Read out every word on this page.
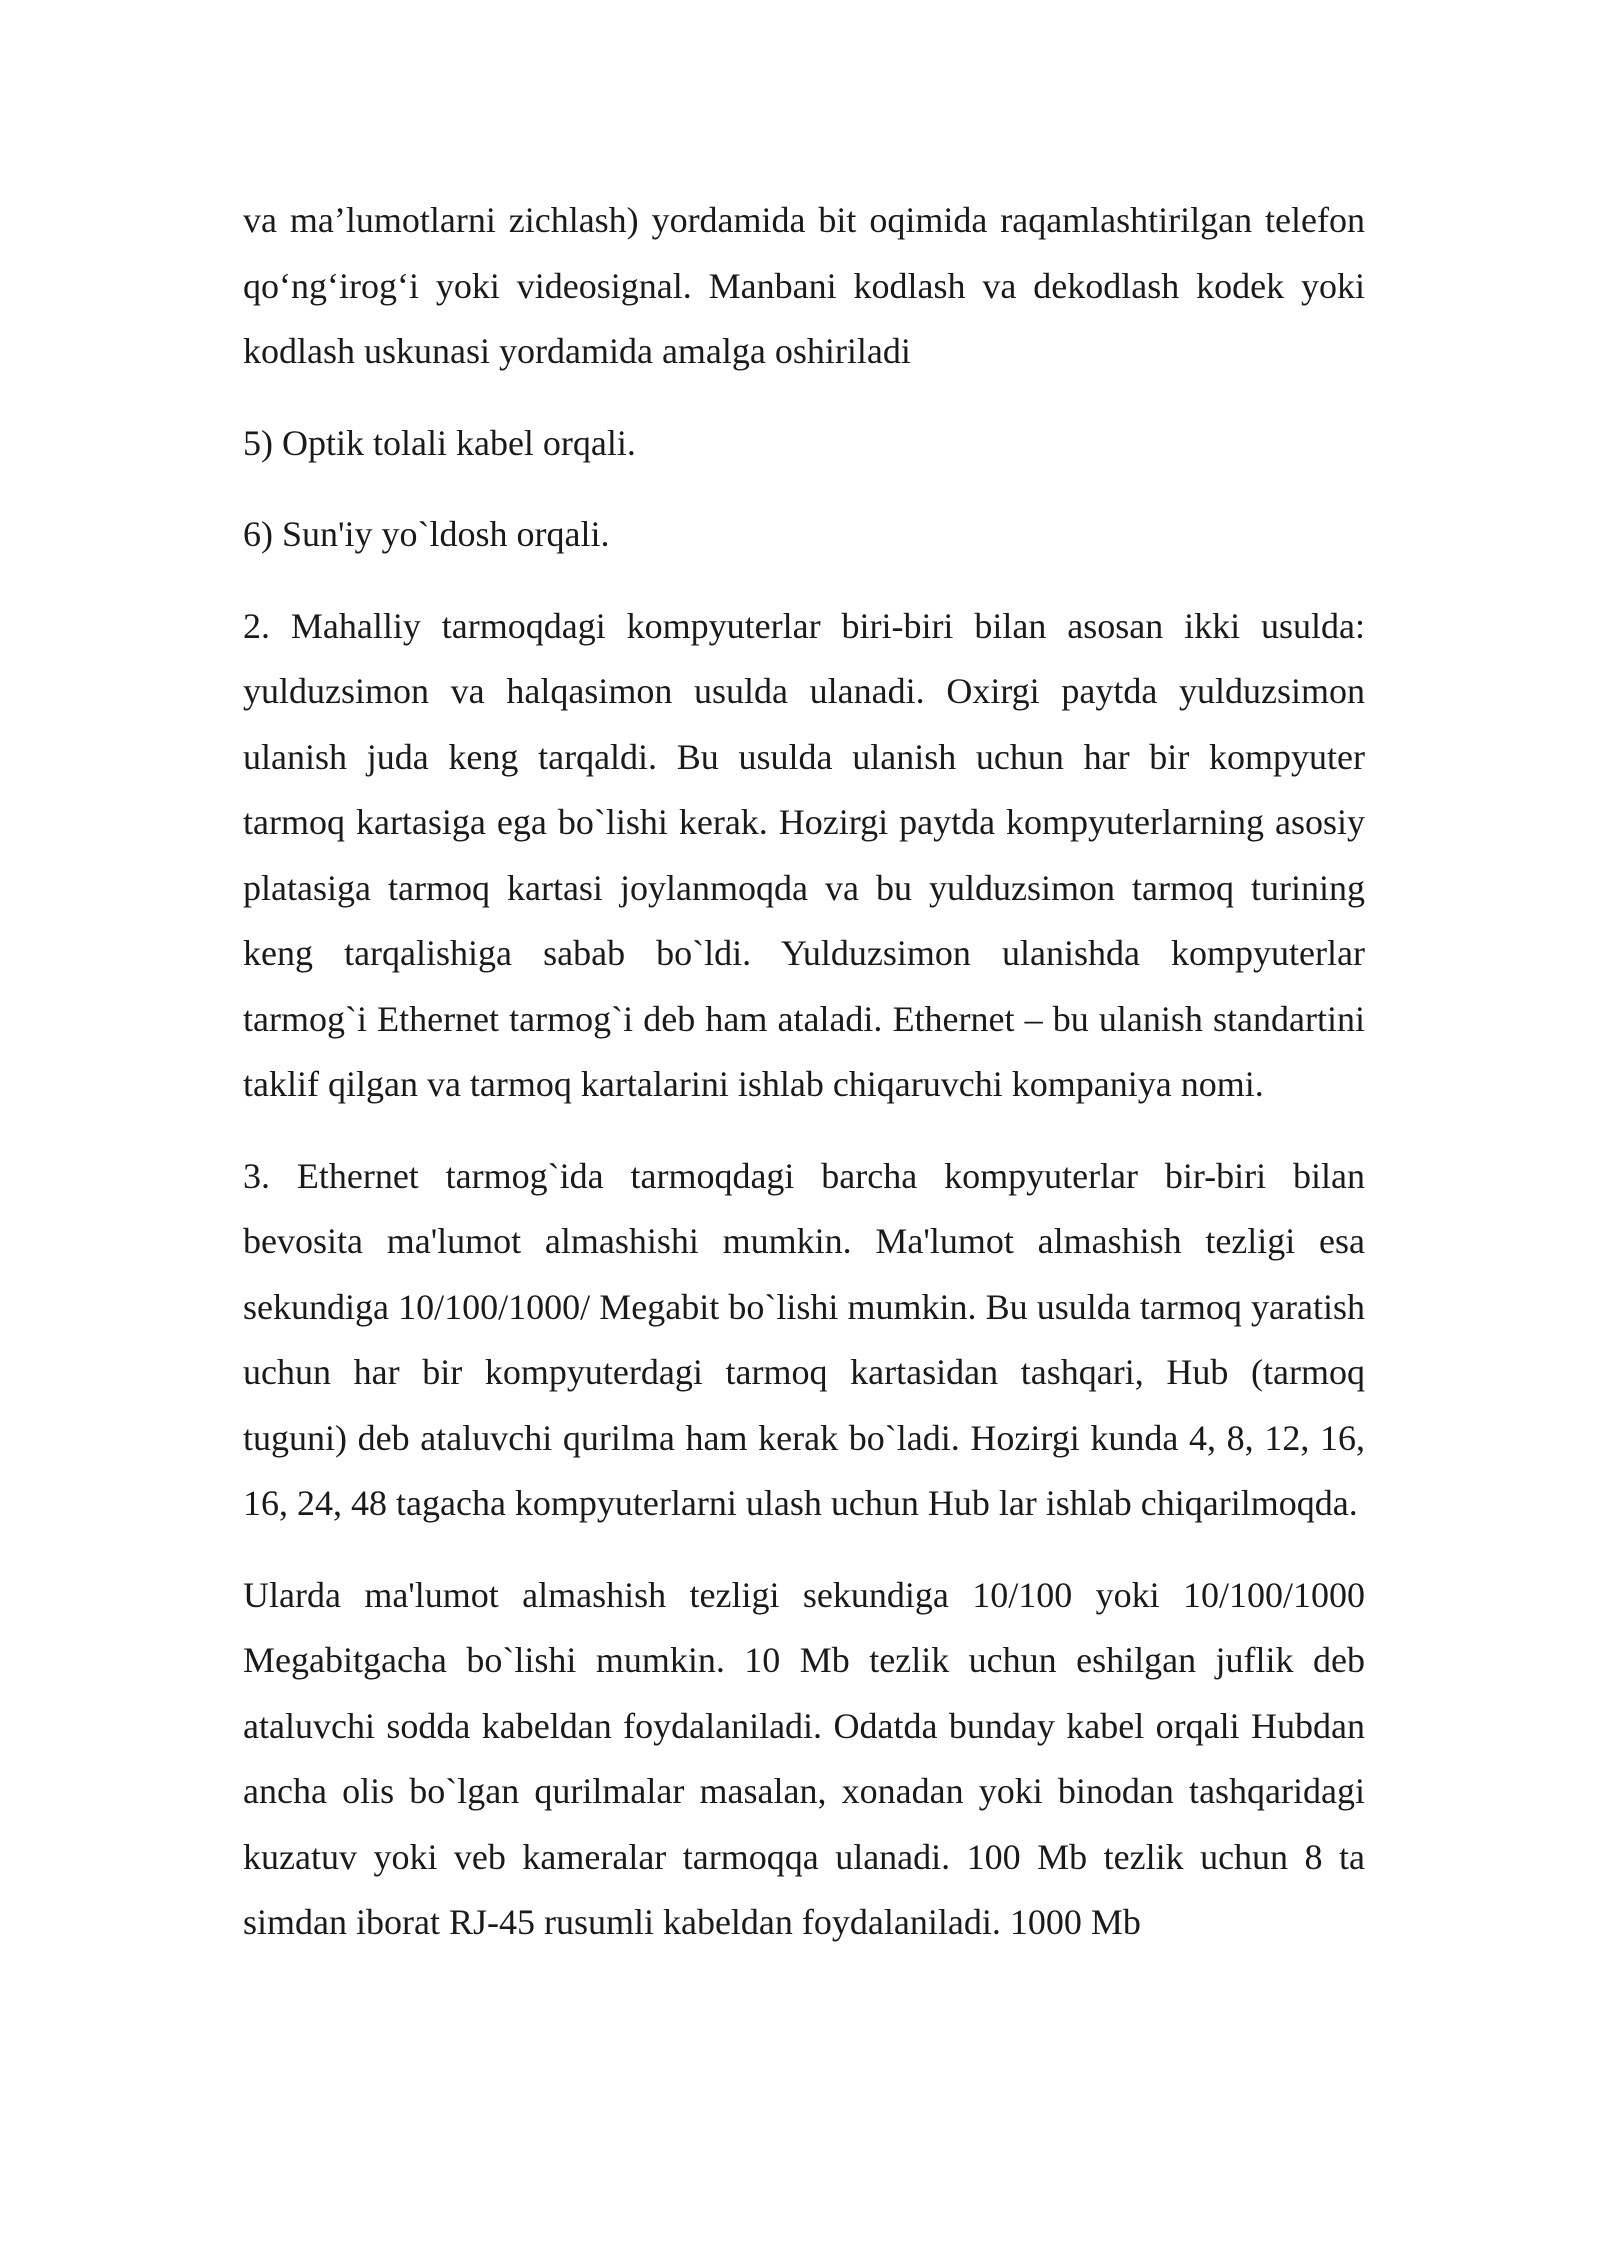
va ma’lumotlarni zichlash) yordamida bit oqimida raqamlashtirilgan telefon qo‘ng‘irog‘i yoki videosignal. Manbani kodlash va dekodlash kodek yoki kodlash uskunasi yordamida amalga oshiriladi

5) Optik tolali kabel orqali.

6) Sun'iy yo`ldosh orqali.

2. Mahalliy tarmoqdagi kompyuterlar biri-biri bilan asosan ikki usulda: yulduzsimon va halqasimon usulda ulanadi. Oxirgi paytda yulduzsimon ulanish juda keng tarqaldi. Bu usulda ulanish uchun har bir kompyuter tarmoq kartasiga ega bo`lishi kerak. Hozirgi paytda kompyuterlarning asosiy platasiga tarmoq kartasi joylanmoqda va bu yulduzsimon tarmoq turining keng tarqalishiga sabab bo`ldi. Yulduzsimon ulanishda kompyuterlar tarmog`i Ethernet tarmog`i deb ham ataladi. Ethernet – bu ulanish standartini taklif qilgan va tarmoq kartalarini ishlab chiqaruvchi kompaniya nomi.

3. Ethernet tarmog`ida tarmoqdagi barcha kompyuterlar bir-biri bilan bevosita ma'lumot almashishi mumkin. Ma'lumot almashish tezligi esa sekundiga 10/100/1000/ Megabit bo`lishi mumkin. Bu usulda tarmoq yaratish uchun har bir kompyuterdagi tarmoq kartasidan tashqari, Hub (tarmoq tuguni) deb ataluvchi qurilma ham kerak bo`ladi. Hozirgi kunda 4, 8, 12, 16, 16, 24, 48 tagacha kompyuterlarni ulash uchun Hub lar ishlab chiqarilmoqda.

Ularda ma'lumot almashish tezligi sekundiga 10/100 yoki 10/100/1000 Megabitgacha bo`lishi mumkin. 10 Mb tezlik uchun eshilgan juflik deb ataluvchi sodda kabeldan foydalaniladi. Odatda bunday kabel orqali Hubdan ancha olis bo`lgan qurilmalar masalan, xonadan yoki binodan tashqaridagi kuzatuv yoki veb kameralar tarmoqqa ulanadi. 100 Mb tezlik uchun 8 ta simdan iborat RJ-45 rusumli kabeldan foydalaniladi. 1000 Mb
